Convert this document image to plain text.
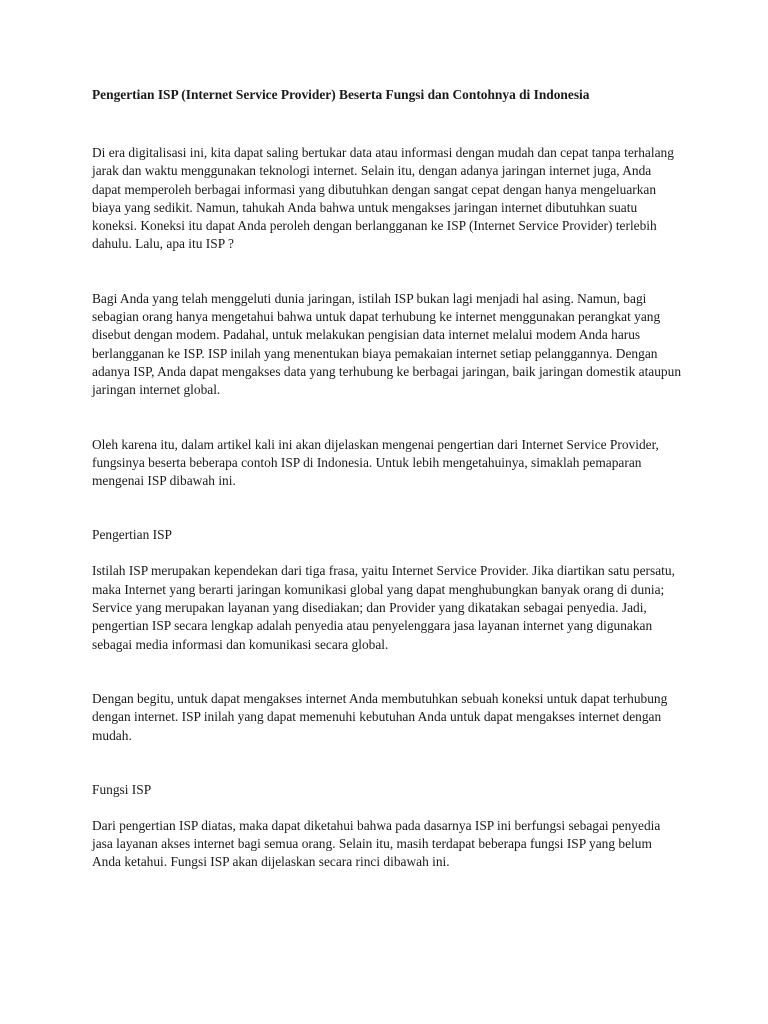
Pengertian ISP (Internet Service Provider) Beserta Fungsi dan Contohnya di Indonesia

Di era digitalisasi ini, kita dapat saling bertukar data atau informasi dengan mudah dan cepat tanpa terhalang jarak dan waktu menggunakan teknologi internet. Selain itu, dengan adanya jaringan internet juga, Anda dapat memperoleh berbagai informasi yang dibutuhkan dengan sangat cepat dengan hanya mengeluarkan biaya yang sedikit. Namun, tahukah Anda bahwa untuk mengakses jaringan internet dibutuhkan suatu koneksi. Koneksi itu dapat Anda peroleh dengan berlangganan ke ISP (Internet Service Provider) terlebih dahulu. Lalu, apa itu ISP ?

Bagi Anda yang telah menggeluti dunia jaringan, istilah ISP bukan lagi menjadi hal asing. Namun, bagi sebagian orang hanya mengetahui bahwa untuk dapat terhubung ke internet menggunakan perangkat yang disebut dengan modem. Padahal, untuk melakukan pengisian data internet melalui modem Anda harus berlangganan ke ISP. ISP inilah yang menentukan biaya pemakaian internet setiap pelanggannya. Dengan adanya ISP, Anda dapat mengakses data yang terhubung ke berbagai jaringan, baik jaringan domestik ataupun jaringan internet global.

Oleh karena itu, dalam artikel kali ini akan dijelaskan mengenai pengertian dari Internet Service Provider, fungsinya beserta beberapa contoh ISP di Indonesia. Untuk lebih mengetahuinya, simaklah pemaparan mengenai ISP dibawah ini.

Pengertian ISP

Istilah ISP merupakan kependekan dari tiga frasa, yaitu Internet Service Provider. Jika diartikan satu persatu, maka Internet yang berarti jaringan komunikasi global yang dapat menghubungkan banyak orang di dunia; Service yang merupakan layanan yang disediakan; dan Provider yang dikatakan sebagai penyedia. Jadi, pengertian ISP secara lengkap adalah penyedia atau penyelenggara jasa layanan internet yang digunakan sebagai media informasi dan komunikasi secara global.

Dengan begitu, untuk dapat mengakses internet Anda membutuhkan sebuah koneksi untuk dapat terhubung dengan internet. ISP inilah yang dapat memenuhi kebutuhan Anda untuk dapat mengakses internet dengan mudah.

Fungsi ISP

Dari pengertian ISP diatas, maka dapat diketahui bahwa pada dasarnya ISP ini berfungsi sebagai penyedia jasa layanan akses internet bagi semua orang. Selain itu, masih terdapat beberapa fungsi ISP yang belum Anda ketahui. Fungsi ISP akan dijelaskan secara rinci dibawah ini.
